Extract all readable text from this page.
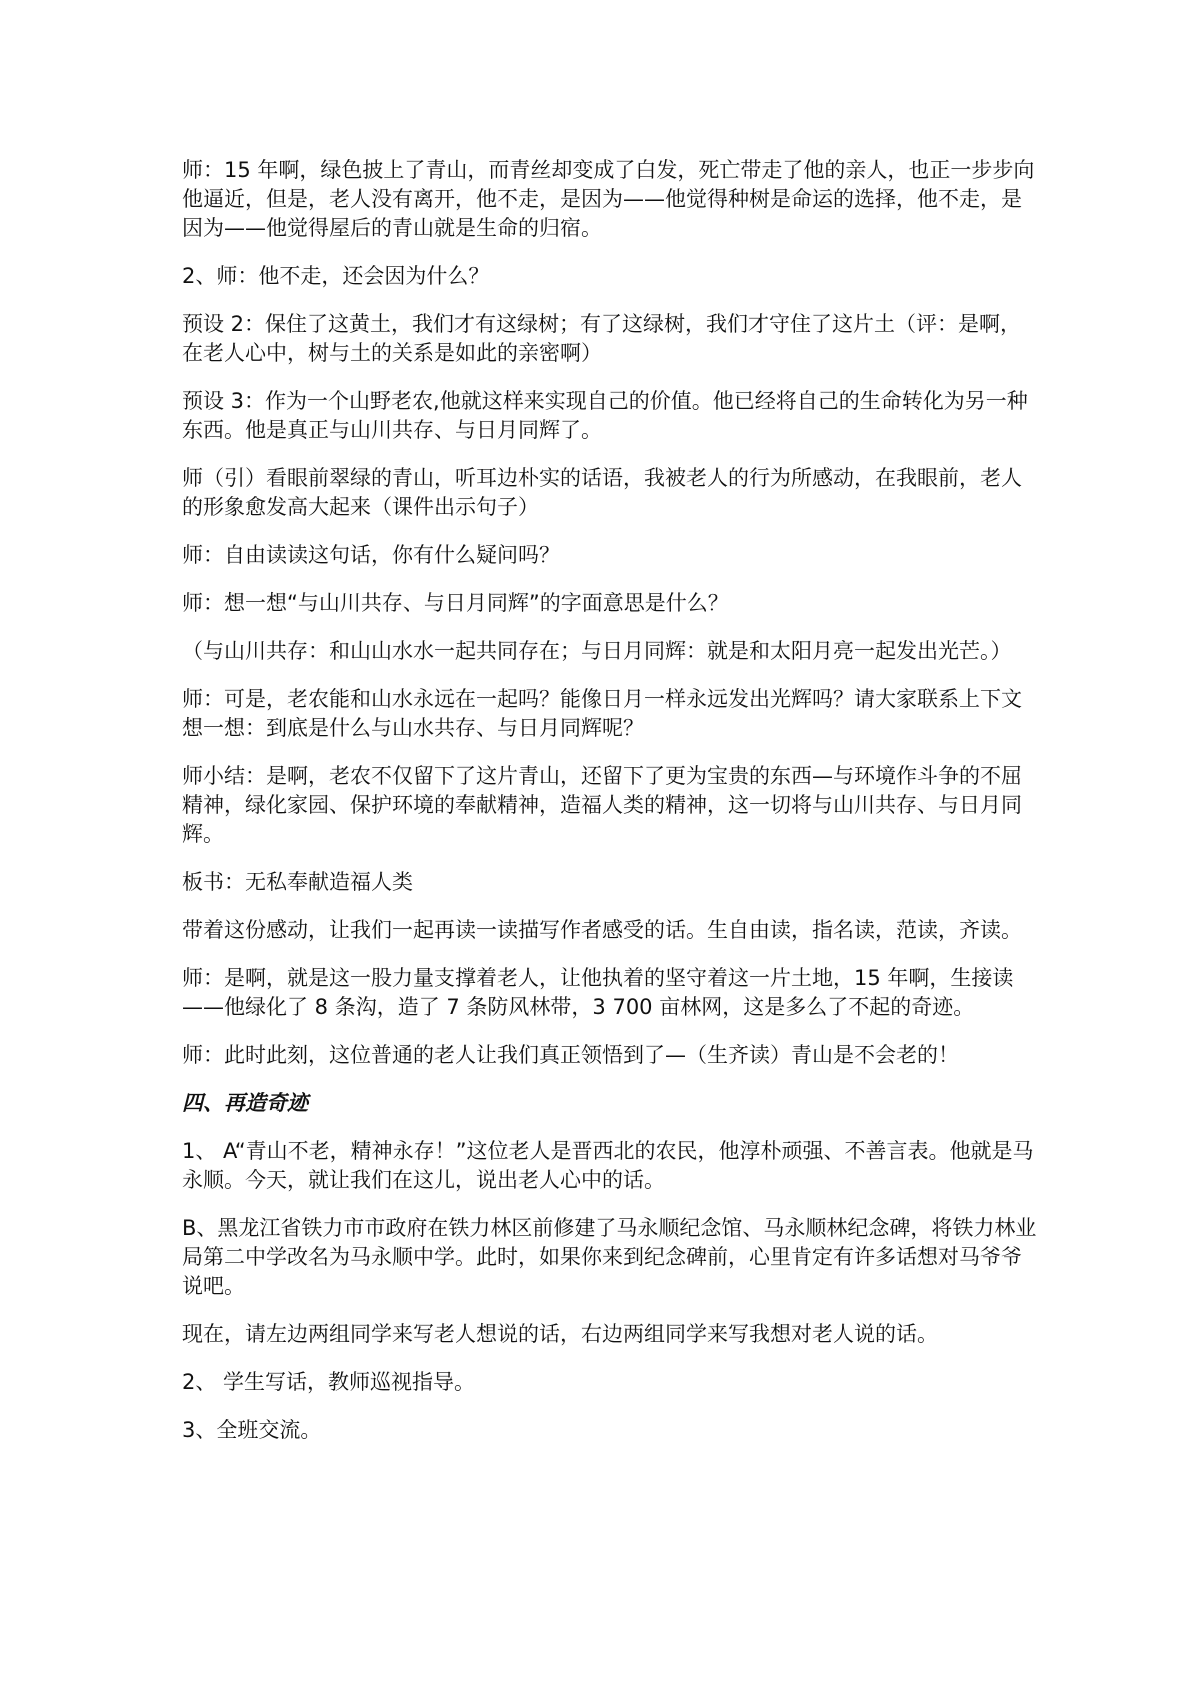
师：15 年啊，绿色披上了青山，而青丝却变成了白发，死亡带走了他的亲人，也正一步步向他逼近，但是，老人没有离开，他不走，是因为——他觉得种树是命运的选择，他不走，是因为——他觉得屋后的青山就是生命的归宿。

2、师：他不走，还会因为什么？

预设 2：保住了这黄土，我们才有这绿树；有了这绿树，我们才守住了这片土（评：是啊，在老人心中，树与土的关系是如此的亲密啊）

预设 3：作为一个山野老农,他就这样来实现自己的价值。他已经将自己的生命转化为另一种东西。他是真正与山川共存、与日月同辉了。

师（引）看眼前翠绿的青山，听耳边朴实的话语，我被老人的行为所感动，在我眼前，老人的形象愈发高大起来（课件出示句子）

师：自由读读这句话，你有什么疑问吗？

师：想一想“与山川共存、与日月同辉”的字面意思是什么？

（与山川共存：和山山水水一起共同存在；与日月同辉：就是和太阳月亮一起发出光芒。）

师：可是，老农能和山水永远在一起吗？能像日月一样永远发出光辉吗？请大家联系上下文想一想：到底是什么与山水共存、与日月同辉呢？

师小结：是啊，老农不仅留下了这片青山，还留下了更为宝贵的东西—与环境作斗争的不屈精神，绿化家园、保护环境的奉献精神，造福人类的精神，这一切将与山川共存、与日月同辉。

板书：无私奉献造福人类

带着这份感动，让我们一起再读一读描写作者感受的话。生自由读，指名读，范读，齐读。

师：是啊，就是这一股力量支撑着老人，让他执着的坚守着这一片土地，15 年啊，生接读——他绿化了 8 条沟，造了 7 条防风林带，3 700 亩林网，这是多么了不起的奇迹。

师：此时此刻，这位普通的老人让我们真正领悟到了—（生齐读）青山是不会老的！

四、再造奇迹

1、 A“青山不老，精神永存！”这位老人是晋西北的农民，他淳朴顽强、不善言表。他就是马永顺。今天，就让我们在这儿，说出老人心中的话。

B、黑龙江省铁力市市政府在铁力林区前修建了马永顺纪念馆、马永顺林纪念碑，将铁力林业局第二中学改名为马永顺中学。此时，如果你来到纪念碑前，心里肯定有许多话想对马爷爷说吧。

现在，请左边两组同学来写老人想说的话，右边两组同学来写我想对老人说的话。

2、 学生写话，教师巡视指导。

3、全班交流。
